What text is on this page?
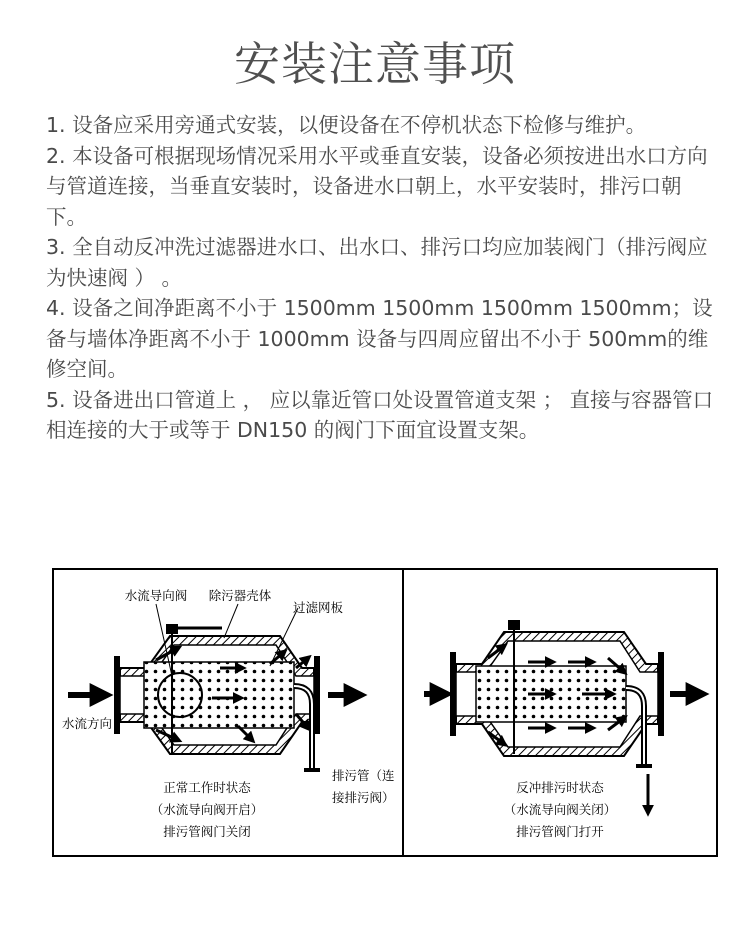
安装注意事项

1. 设备应采用旁通式安装，以便设备在不停机状态下检修与维护。

2. 本设备可根据现场情况采用水平或垂直安装，设备必须按进出水口方向与管道连接，当垂直安装时，设备进水口朝上，水平安装时，排污口朝下。

3. 全自动反冲洗过滤器进水口、出水口、排污口均应加装阀门（排污阀应为快速阀 ） 。

4. 设备之间净距离不小于 1500mm 1500mm 1500mm 1500mm；设备与墙体净距离不小于 1000mm 设备与四周应留出不小于 500mm的维修空间。

5. 设备进出口管道上 ， 应以靠近管口处设置管道支架 ； 直接与容器管口相连接的大于或等于 DN150 的阀门下面宜设置支架。

水流导向阀 除污器壳体
过滤网板
水流方向
排污管（连
接排污阀）
正常工作时状态
（水流导向阀开启）
排污管阀门关闭
反冲排污时状态
（水流导向阀关闭）
排污管阀门打开
